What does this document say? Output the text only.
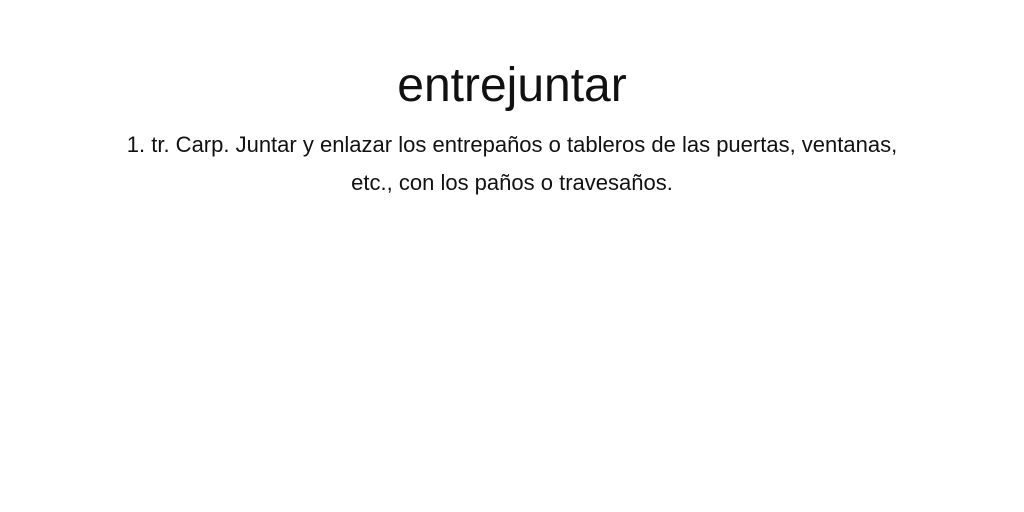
entrejuntar

1. tr. Carp. Juntar y enlazar los entrepaños o tableros de las puertas, ventanas, etc., con los paños o travesaños.
